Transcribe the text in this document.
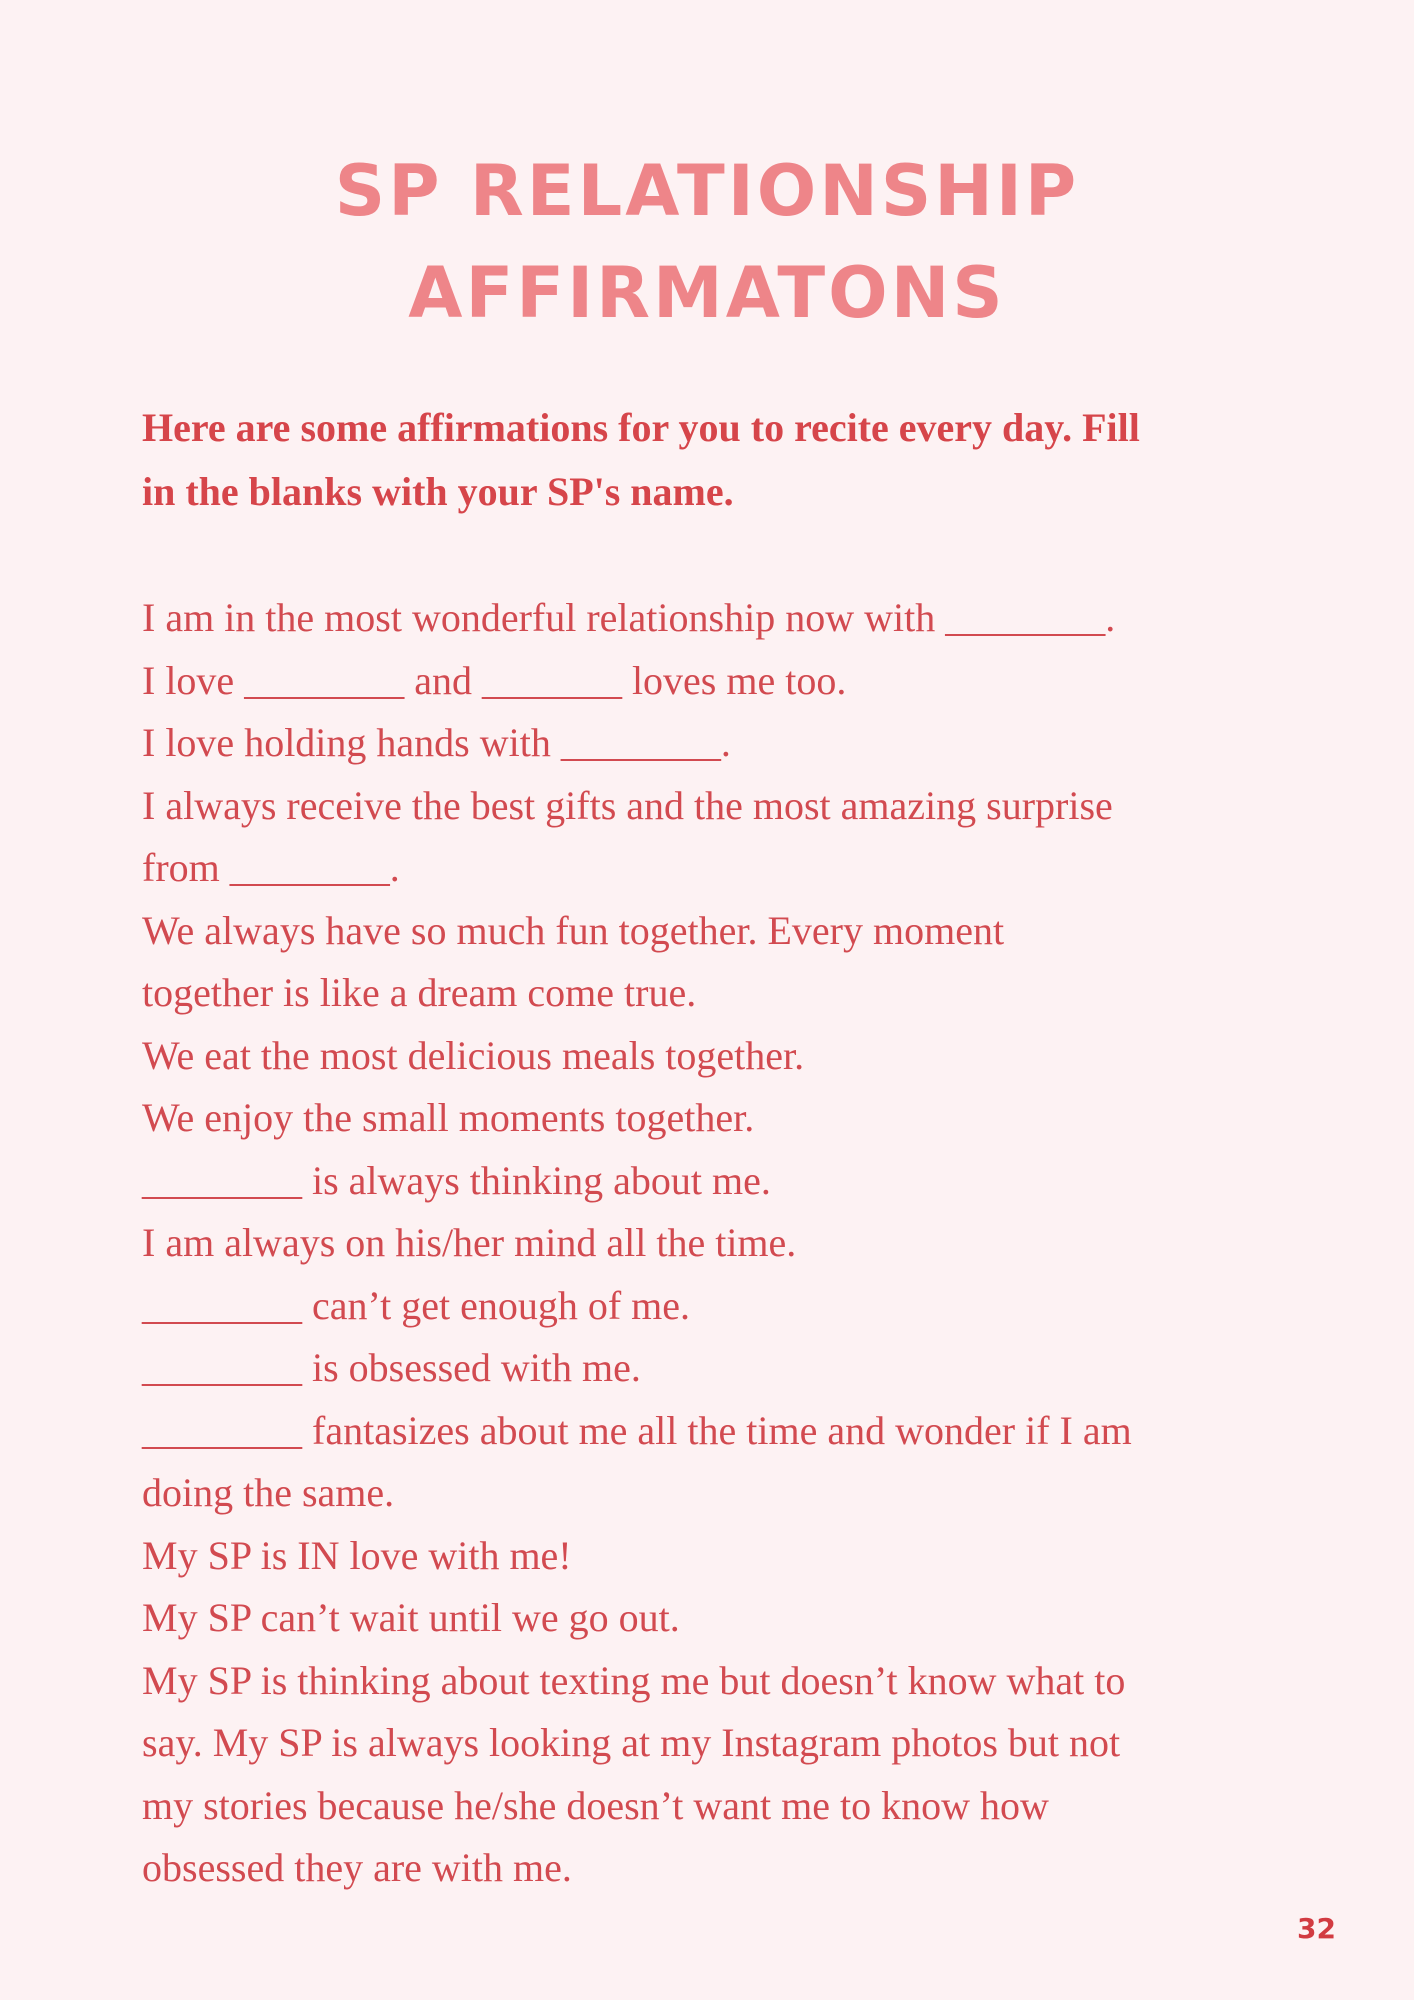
SP RELATIONSHIP
AFFIRMATONS

Here are some affirmations for you to recite every day. Fill
in the blanks with your SP's name.

I am in the most wonderful relationship now with ________.
I love ________ and _______ loves me too.
I love holding hands with ________.
I always receive the best gifts and the most amazing surprise
from ________.
We always have so much fun together. Every moment
together is like a dream come true.
We eat the most delicious meals together.
We enjoy the small moments together.
________ is always thinking about me.
I am always on his/her mind all the time.
________ can’t get enough of me.
________ is obsessed with me.
________ fantasizes about me all the time and wonder if I am
doing the same.
My SP is IN love with me!
My SP can’t wait until we go out.
My SP is thinking about texting me but doesn’t know what to
say. My SP is always looking at my Instagram photos but not
my stories because he/she doesn’t want me to know how
obsessed they are with me.
32
